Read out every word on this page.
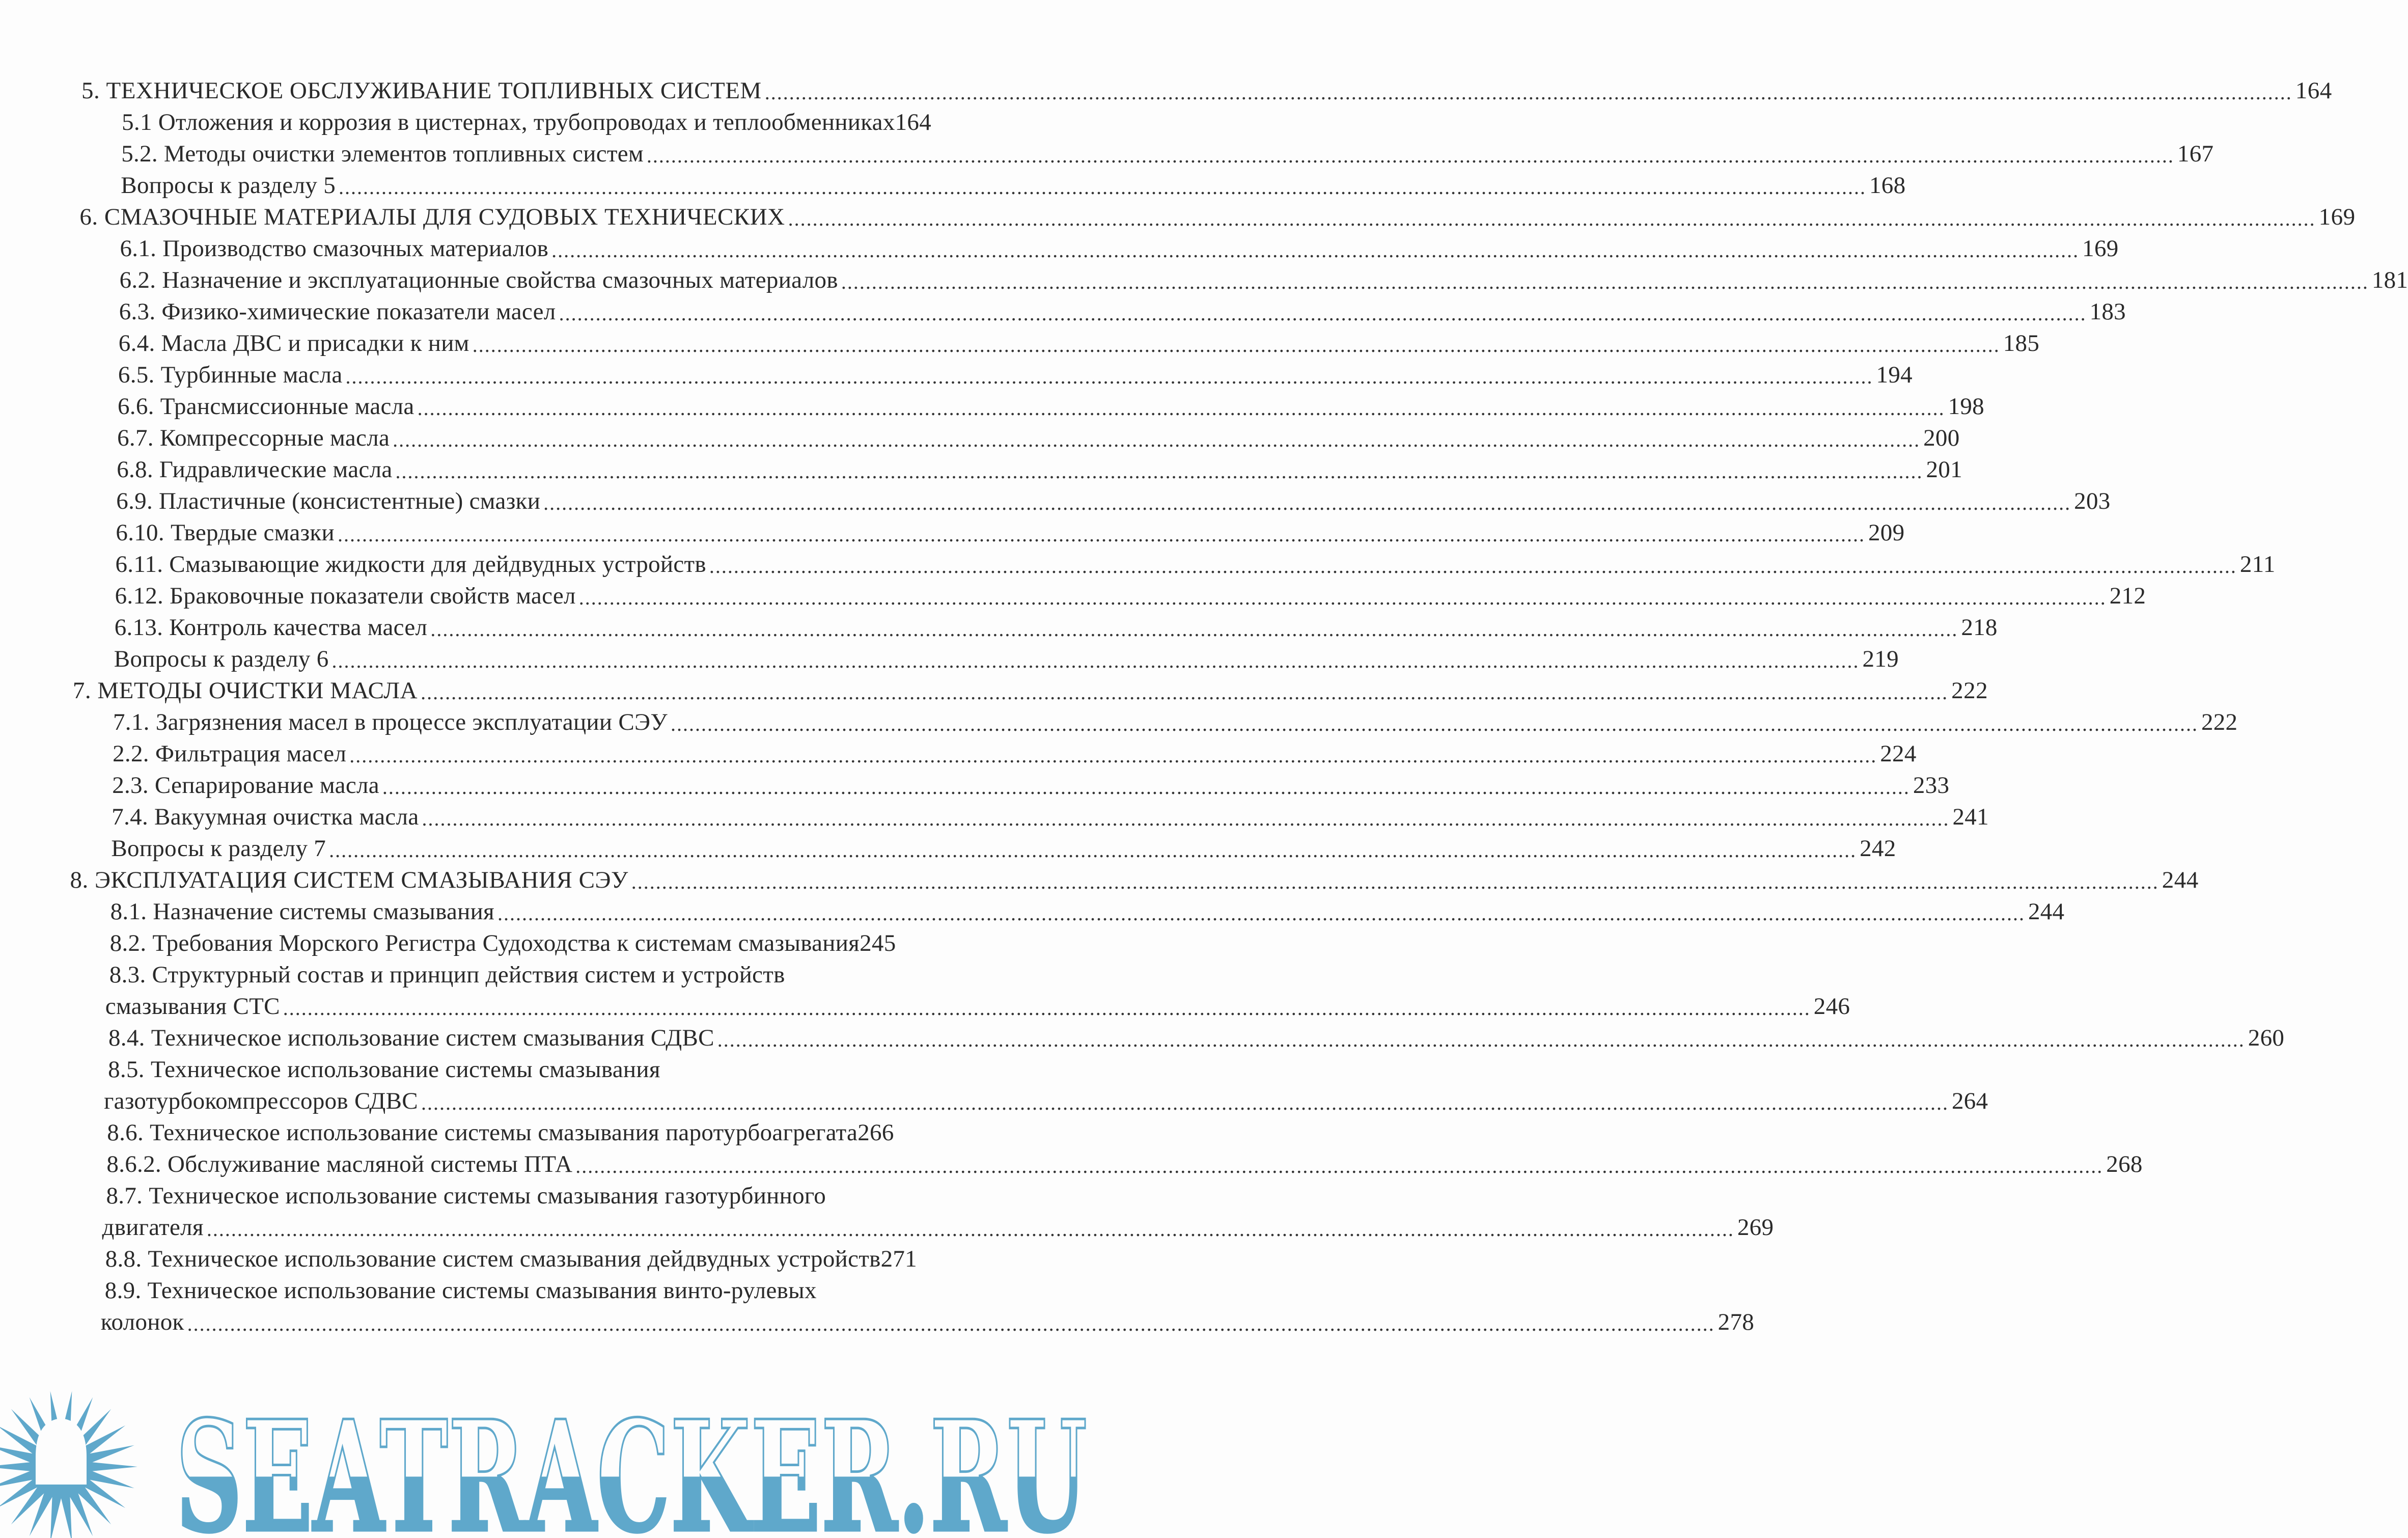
5. ТЕХНИЧЕСКОЕ ОБСЛУЖИВАНИЕ ТОПЛИВНЫХ СИСТЕМ .....	164
5.1 Отложения и коррозия в цистернах, трубопроводах и теплообменниках 164
5.2. Методы очистки элементов топливных систем .....	167
Вопросы к разделу 5 .....	168
6. СМАЗОЧНЫЕ МАТЕРИАЛЫ ДЛЯ СУДОВЫХ ТЕХНИЧЕСКИХ .....	169
6.1. Производство смазочных материалов .....	169
6.2. Назначение и эксплуатационные свойства смазочных материалов .....	181
6.3. Физико-химические показатели масел .....	183
6.4. Масла ДВС и присадки к ним .....	185
6.5. Турбинные масла .....	194
6.6. Трансмиссионные масла .....	198
6.7. Компрессорные масла .....	200
6.8. Гидравлические масла .....	201
6.9. Пластичные (консистентные) смазки .....	203
6.10. Твердые смазки .....	209
6.11. Смазывающие жидкости для дейдвудных устройств .....	211
6.12. Браковочные показатели свойств масел .....	212
6.13. Контроль качества масел .....	218
Вопросы к разделу 6 .....	219
7. МЕТОДЫ ОЧИСТКИ МАСЛА .....	222
7.1. Загрязнения масел в процессе эксплуатации СЭУ .....	222
2.2. Фильтрация масел .....	224
2.3. Сепарирование масла .....	233
7.4. Вакуумная очистка масла .....	241
Вопросы к разделу 7 .....	242
8. ЭКСПЛУАТАЦИЯ СИСТЕМ СМАЗЫВАНИЯ СЭУ .....	244
8.1. Назначение системы смазывания .....	244
8.2. Требования Морского Регистра Судоходства к системам смазывания 245
8.3. Структурный состав и принцип действия систем и устройств
смазывания СТС .....	246
8.4. Техническое использование систем смазывания СДВС .....	260
8.5. Техническое использование системы смазывания
газотурбокомпрессоров СДВС .....	264
8.6. Техническое использование системы смазывания паротурбоагрегата 266
8.6.2. Обслуживание масляной системы ПТА .....	268
8.7. Техническое использование системы смазывания газотурбинного
двигателя .....	269
8.8. Техническое использование систем смазывания дейдвудных устройств 271
8.9. Техническое использование системы смазывания винто-рулевых
колонок .....	278
SEATRACKER.RU
